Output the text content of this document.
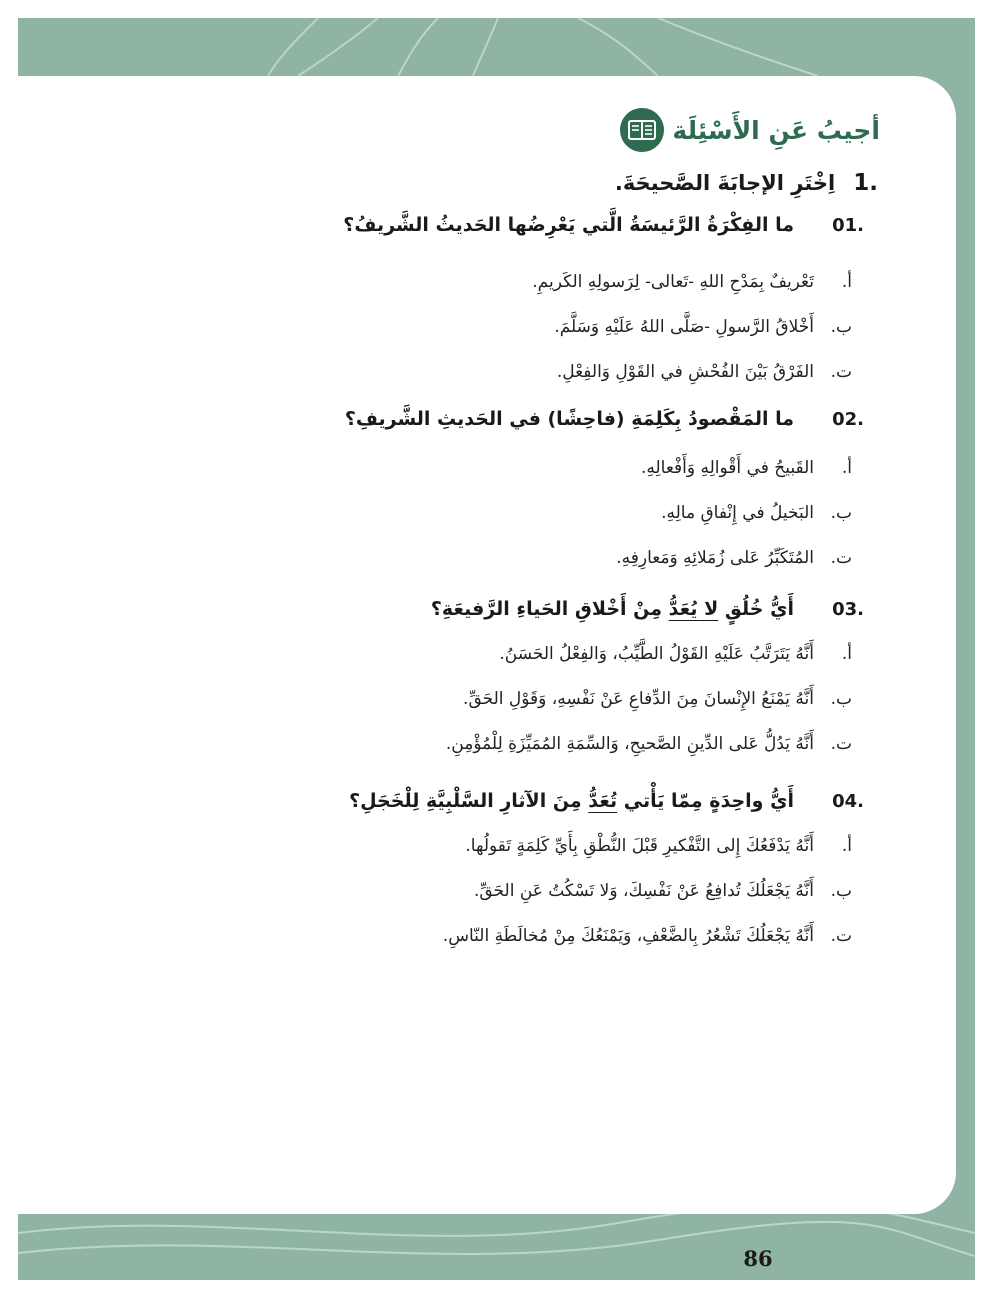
أجيبُ عَنِ الأَسْئِلَة
1.
اِخْتَرِ الإجابَةَ الصَّحيحَةَ.
01.
ما الفِكْرَةُ الرَّئيسَةُ الَّتي يَعْرِضُها الحَديثُ الشَّريفُ؟
أ.
تَعْريفٌ بِمَدْحِ اللهِ -تَعالى- لِرَسولِهِ الكَريمِ.
ب.
أَخْلاقُ الرَّسولِ -صَلَّى اللهُ عَلَيْهِ وَسَلَّمَ.
ت.
الفَرْقُ بَيْنَ الفُحْشِ في القَوْلِ وَالفِعْلِ.
02.
ما المَقْصودُ بِكَلِمَةِ (فاحِشًا) في الحَديثِ الشَّريفِ؟
أ.
القَبيحُ في أَقْوالِهِ وَأَفْعالِهِ.
ب.
البَخيلُ في إِنْفاقِ مالِهِ.
ت.
المُتَكَبِّرُ عَلى زُمَلائِهِ وَمَعارِفِهِ.
03.
أَيُّ خُلُقٍ لا يُعَدُّ مِنْ أَخْلاقِ الحَياءِ الرَّفيعَةِ؟
أ.
أَنَّهُ يَتَرَتَّبُ عَلَيْهِ القَوْلُ الطَّيِّبُ، وَالفِعْلُ الحَسَنُ.
ب.
أَنَّهُ يَمْنَعُ الإِنْسانَ مِنَ الدِّفاعِ عَنْ نَفْسِهِ، وَقَوْلِ الحَقِّ.
ت.
أَنَّهُ يَدُلُّ عَلى الدِّينِ الصَّحيحِ، وَالسِّمَةِ المُمَيِّزَةِ لِلْمُؤْمِنِ.
04.
أَيُّ واحِدَةٍ مِمّا يَأْتي تُعَدُّ مِنَ الآثارِ السَّلْبِيَّةِ لِلْخَجَلِ؟
أ.
أَنَّهُ يَدْفَعُكَ إِلى التَّفْكيرِ قَبْلَ النُّطْقِ بِأَيِّ كَلِمَةٍ تَقولُها.
ب.
أَنَّهُ يَجْعَلُكَ تُدافِعُ عَنْ نَفْسِكَ، وَلا تَسْكُتُ عَنِ الحَقِّ.
ت.
أَنَّهُ يَجْعَلُكَ تَشْعُرُ بِالضَّعْفِ، وَيَمْنَعُكَ مِنْ مُخالَطَةِ النّاسِ.
86
